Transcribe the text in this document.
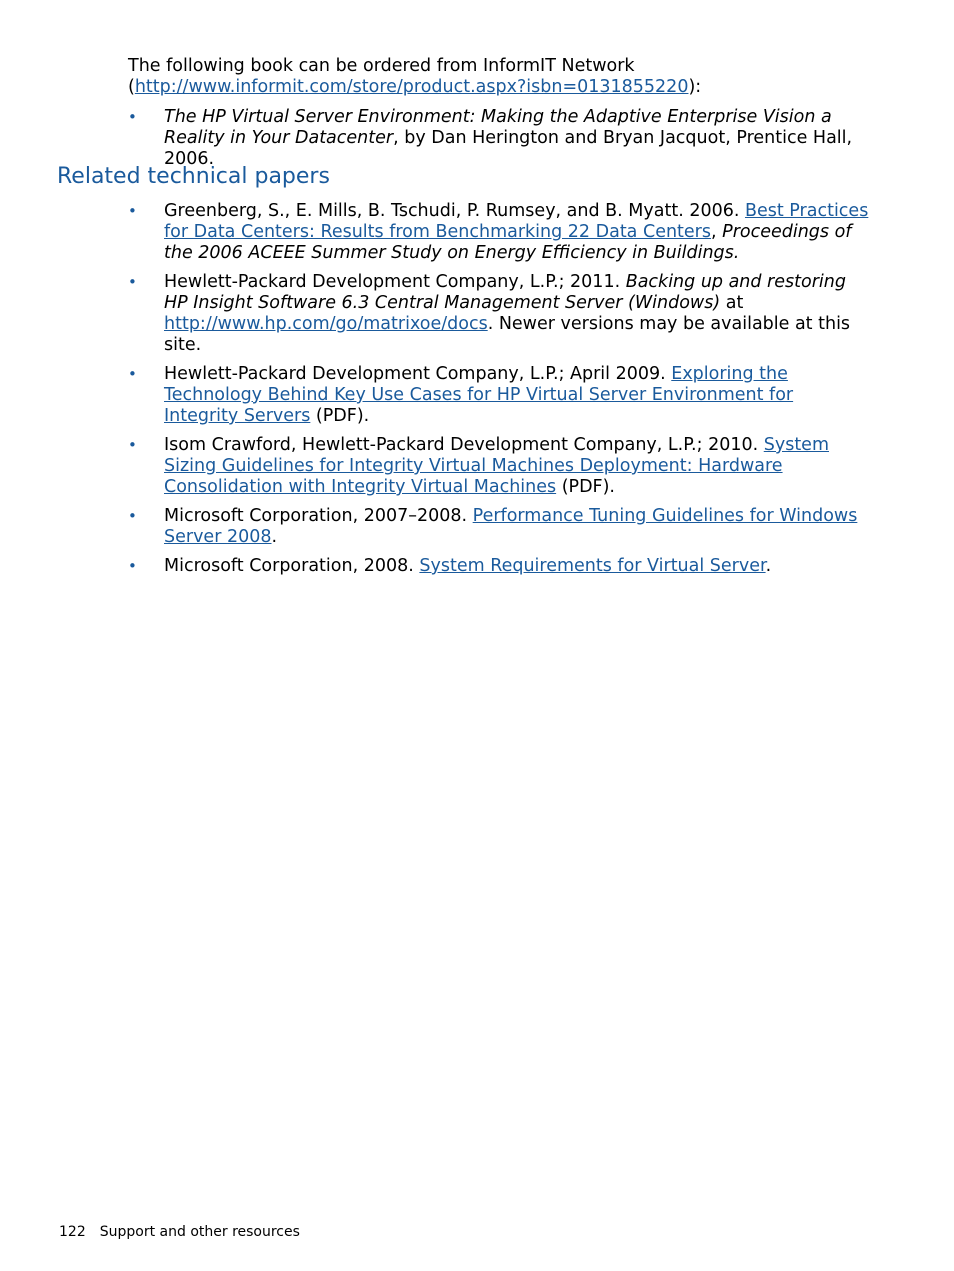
The following book can be ordered from InformIT Network (http://www.informit.com/store/product.aspx?isbn=0131855220):

• The HP Virtual Server Environment: Making the Adaptive Enterprise Vision a Reality in Your Datacenter, by Dan Herington and Bryan Jacquot, Prentice Hall, 2006.
Related technical papers
• Greenberg, S., E. Mills, B. Tschudi, P. Rumsey, and B. Myatt. 2006. Best Practices for Data Centers: Results from Benchmarking 22 Data Centers, Proceedings of the 2006 ACEEE Summer Study on Energy Efficiency in Buildings.
• Hewlett-Packard Development Company, L.P.; 2011. Backing up and restoring HP Insight Software 6.3 Central Management Server (Windows) at http://www.hp.com/go/matrixoe/docs. Newer versions may be available at this site.
• Hewlett-Packard Development Company, L.P.; April 2009. Exploring the Technology Behind Key Use Cases for HP Virtual Server Environment for Integrity Servers (PDF).
• Isom Crawford, Hewlett-Packard Development Company, L.P.; 2010. System Sizing Guidelines for Integrity Virtual Machines Deployment: Hardware Consolidation with Integrity Virtual Machines (PDF).
• Microsoft Corporation, 2007–2008. Performance Tuning Guidelines for Windows Server 2008.
• Microsoft Corporation, 2008. System Requirements for Virtual Server.
122 Support and other resources
